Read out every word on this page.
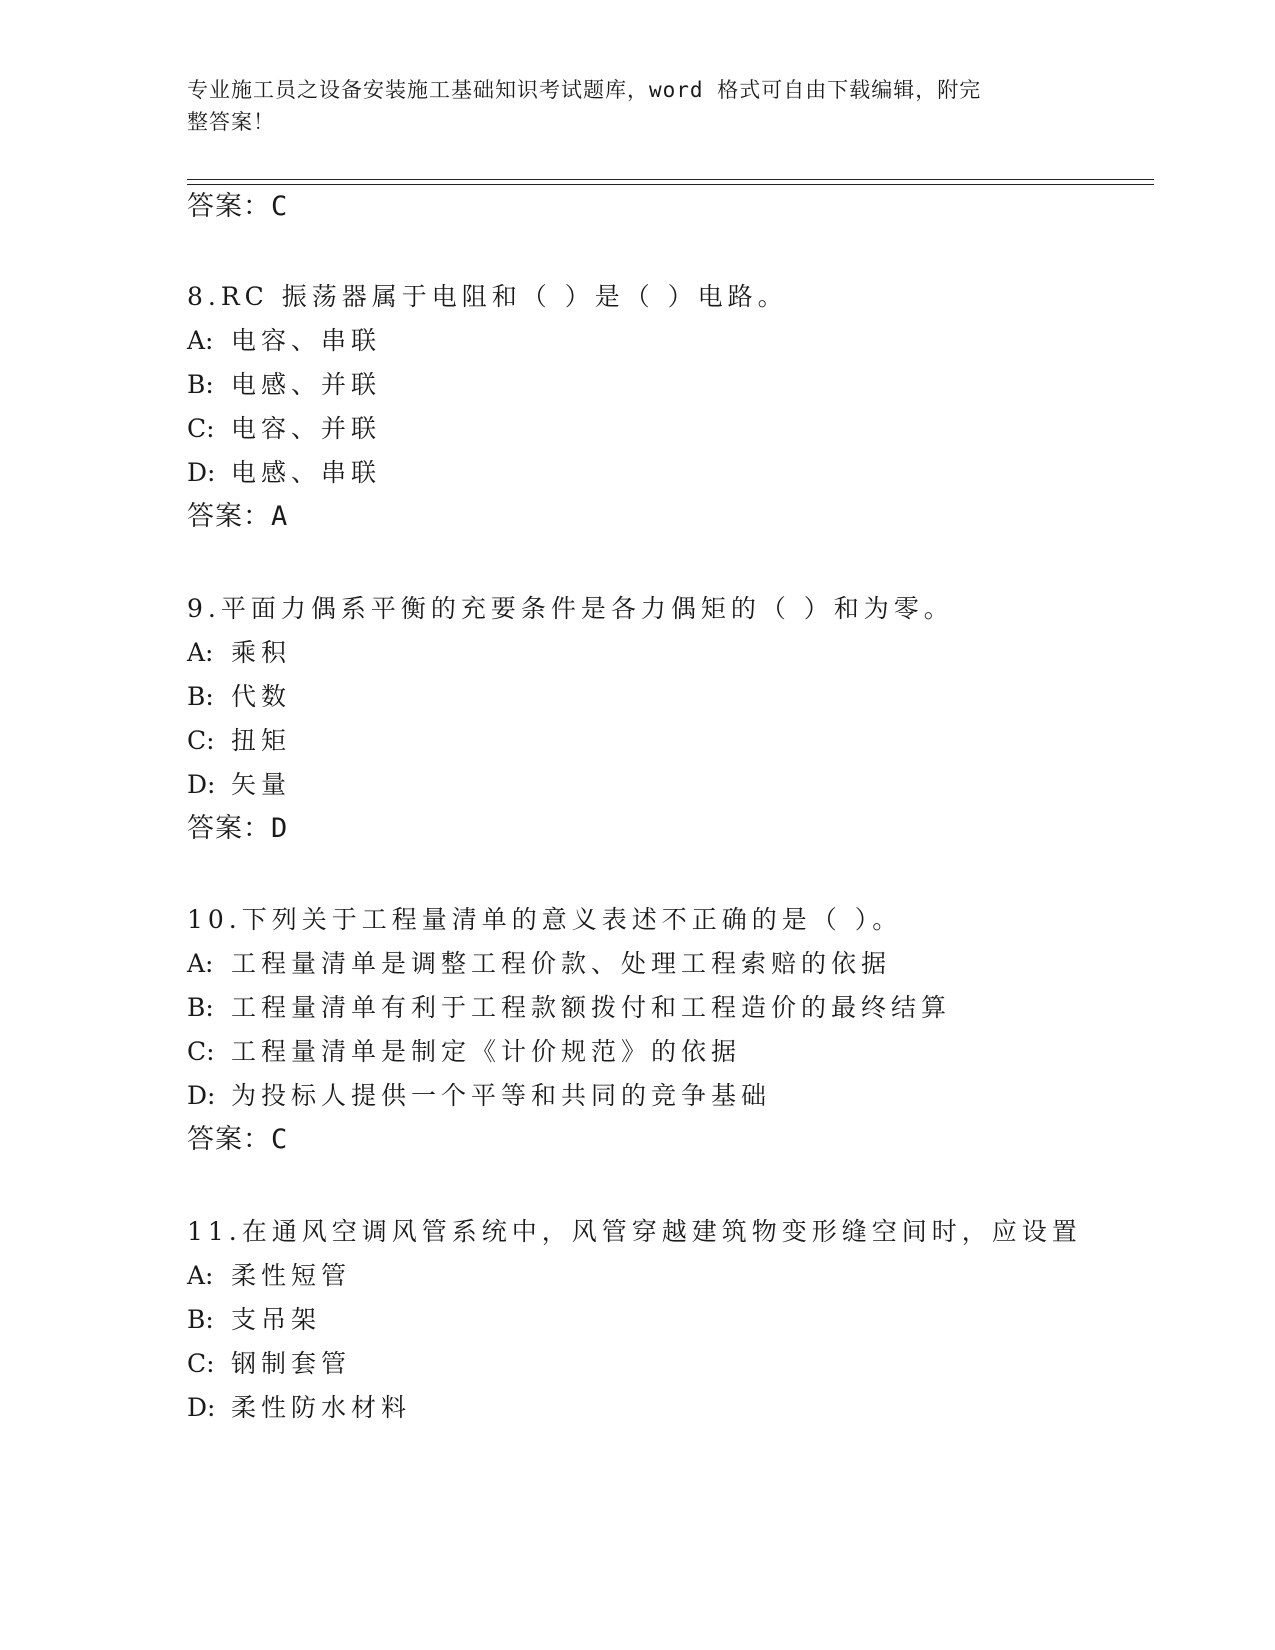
专业施工员之设备安装施工基础知识考试题库，word 格式可自由下载编辑，附完
整答案！
答案：C
8.RC 振荡器属于电阻和（ ）是（ ）电路。
A: 电容、串联
B: 电感、并联
C: 电容、并联
D: 电感、串联
答案：A
9.平面力偶系平衡的充要条件是各力偶矩的（ ）和为零。
A: 乘积
B: 代数
C: 扭矩
D: 矢量
答案：D
10.下列关于工程量清单的意义表述不正确的是（ ）。
A: 工程量清单是调整工程价款、处理工程索赔的依据
B: 工程量清单有利于工程款额拨付和工程造价的最终结算
C: 工程量清单是制定《计价规范》的依据
D: 为投标人提供一个平等和共同的竞争基础
答案：C
11.在通风空调风管系统中，风管穿越建筑物变形缝空间时，应设置
A: 柔性短管
B: 支吊架
C: 钢制套管
D: 柔性防水材料
